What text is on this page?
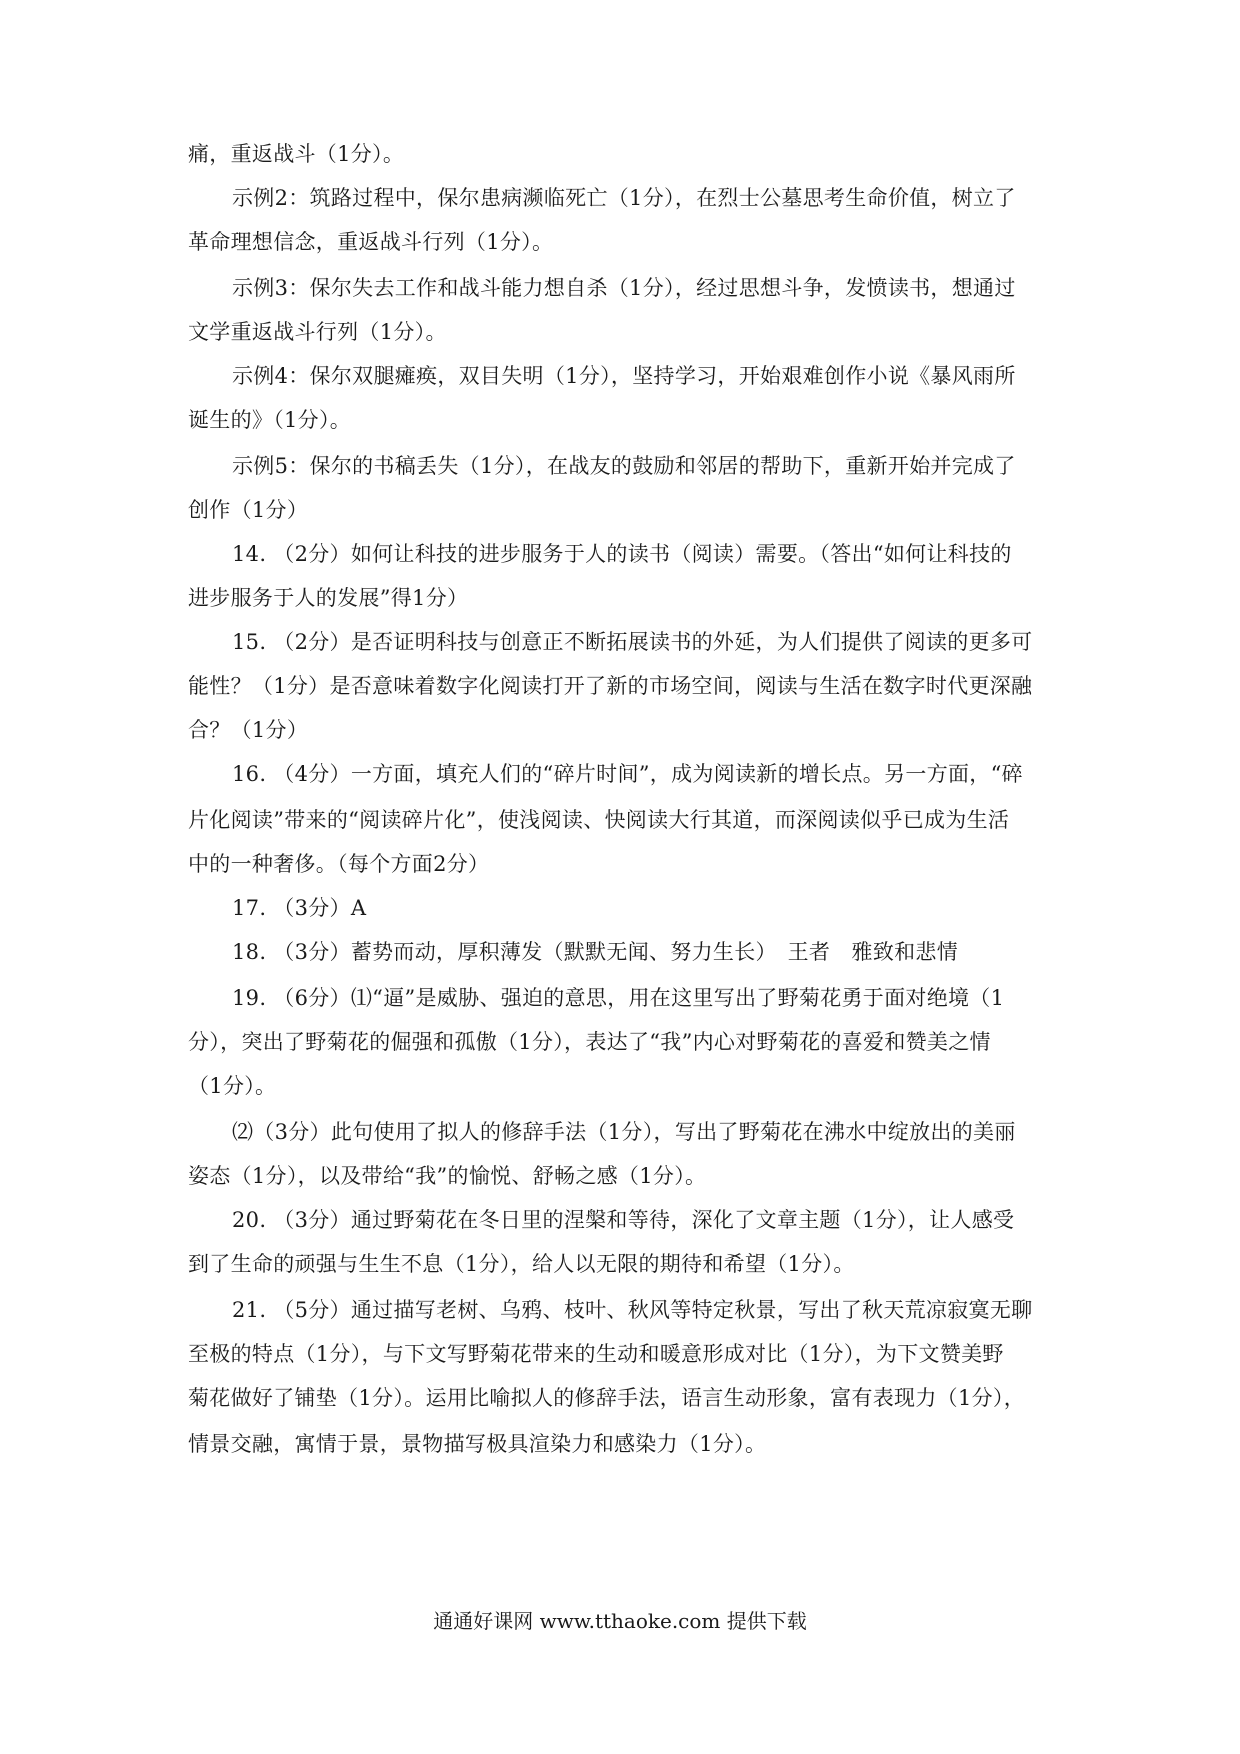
痛，重返战斗（1分）。
示例2：筑路过程中，保尔患病濒临死亡（1分），在烈士公墓思考生命价值，树立了
革命理想信念，重返战斗行列（1分）。
示例3：保尔失去工作和战斗能力想自杀（1分），经过思想斗争，发愤读书，想通过
文学重返战斗行列（1分）。
示例4：保尔双腿瘫痪，双目失明（1分），坚持学习，开始艰难创作小说《暴风雨所
诞生的》（1分）。
示例5：保尔的书稿丢失（1分），在战友的鼓励和邻居的帮助下，重新开始并完成了
创作（1分）
14. （2分）如何让科技的进步服务于人的读书（阅读）需要。（答出“如何让科技的
进步服务于人的发展”得1分）
15. （2分）是否证明科技与创意正不断拓展读书的外延，为人们提供了阅读的更多可
能性？（1分）是否意味着数字化阅读打开了新的市场空间，阅读与生活在数字时代更深融
合？（1分）
16. （4分）一方面，填充人们的“碎片时间”，成为阅读新的增长点。另一方面，“碎
片化阅读”带来的“阅读碎片化”，使浅阅读、快阅读大行其道，而深阅读似乎已成为生活
中的一种奢侈。（每个方面2分）
17. （3分）A
18. （3分）蓄势而动，厚积薄发（默默无闻、努力生长）　王者　雅致和悲情
19. （6分）⑴“逼”是威胁、强迫的意思，用在这里写出了野菊花勇于面对绝境（1
分），突出了野菊花的倔强和孤傲（1分），表达了“我”内心对野菊花的喜爱和赞美之情
（1分）。
⑵（3分）此句使用了拟人的修辞手法（1分），写出了野菊花在沸水中绽放出的美丽
姿态（1分），以及带给“我”的愉悦、舒畅之感（1分）。
20. （3分）通过野菊花在冬日里的涅槃和等待，深化了文章主题（1分），让人感受
到了生命的顽强与生生不息（1分），给人以无限的期待和希望（1分）。
21. （5分）通过描写老树、乌鸦、枝叶、秋风等特定秋景，写出了秋天荒凉寂寞无聊
至极的特点（1分），与下文写野菊花带来的生动和暖意形成对比（1分），为下文赞美野
菊花做好了铺垫（1分）。运用比喻拟人的修辞手法，语言生动形象，富有表现力（1分），
情景交融，寓情于景，景物描写极具渲染力和感染力（1分）。
通通好课网 www.tthaoke.com 提供下载
